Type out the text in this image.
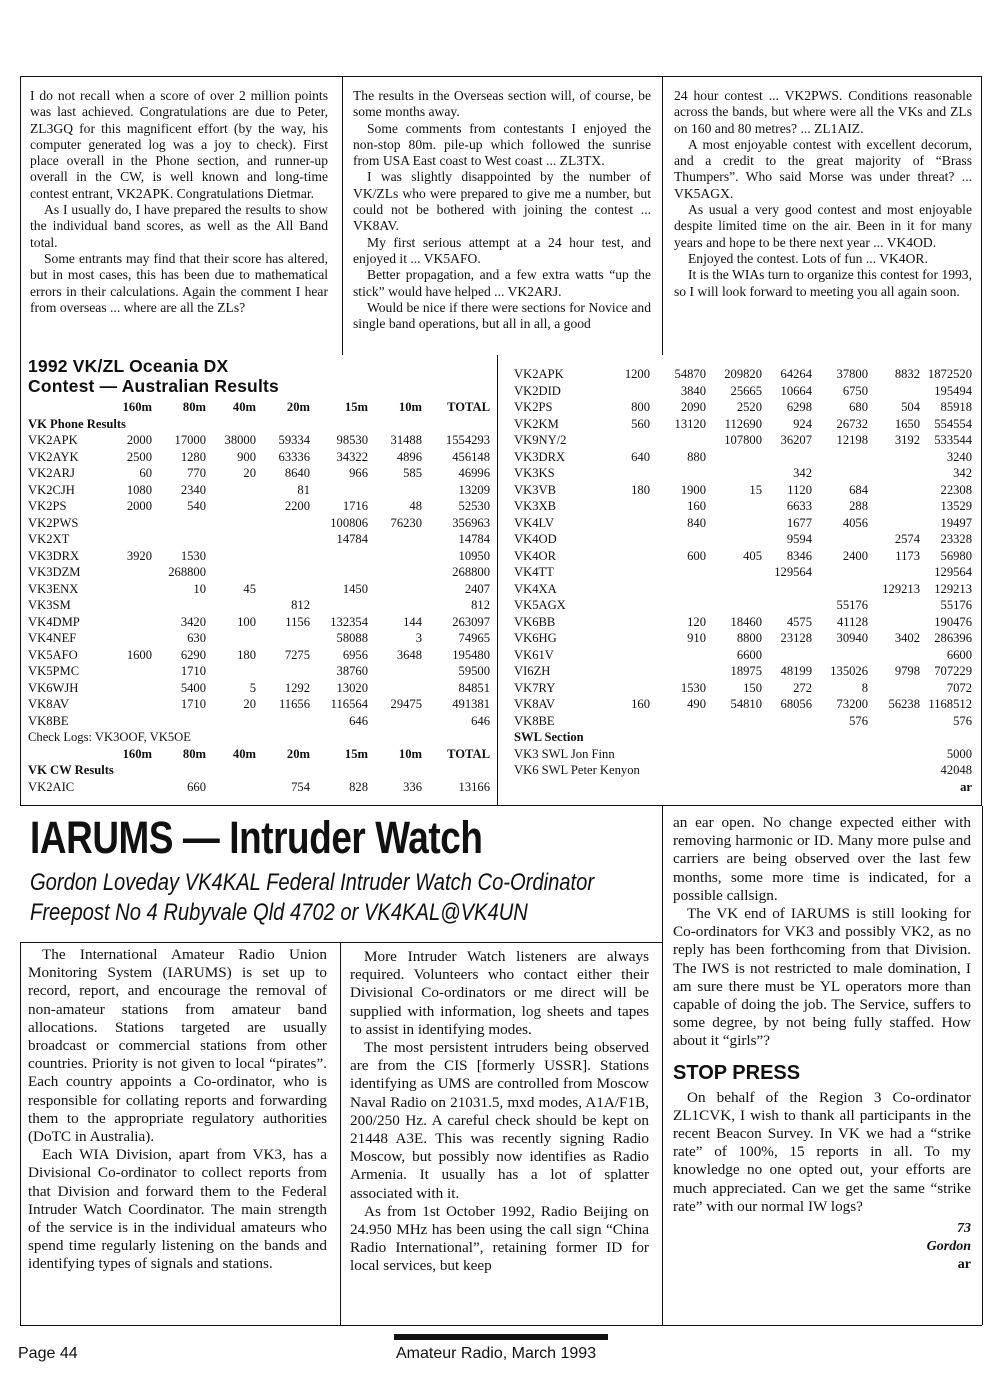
I do not recall when a score of over 2 million points was last achieved. Congratulations are due to Peter, ZL3GQ for this magnificent effort (by the way, his computer generated log was a joy to check). First place overall in the Phone section, and runner-up overall in the CW, is well known and long-time contest entrant, VK2APK. Congratulations Dietmar.

As I usually do, I have prepared the results to show the individual band scores, as well as the All Band total.

Some entrants may find that their score has altered, but in most cases, this has been due to mathematical errors in their calculations. Again the comment I hear from overseas ... where are all the ZLs?

The results in the Overseas section will, of course, be some months away.

Some comments from contestants I enjoyed the non-stop 80m. pile-up which followed the sunrise from USA East coast to West coast ... ZL3TX.

I was slightly disappointed by the number of VK/ZLs who were prepared to give me a number, but could not be bothered with joining the contest ... VK8AV.

My first serious attempt at a 24 hour test, and enjoyed it ... VK5AFO.

Better propagation, and a few extra watts “up the stick” would have helped ... VK2ARJ.

Would be nice if there were sections for Novice and single band operations, but all in all, a good

24 hour contest ... VK2PWS. Conditions reasonable across the bands, but where were all the VKs and ZLs on 160 and 80 metres? ... ZL1AIZ.

A most enjoyable contest with excellent decorum, and a credit to the great majority of “Brass Thumpers”. Who said Morse was under threat? ... VK5AGX.

As usual a very good contest and most enjoyable despite limited time on the air. Been in it for many years and hope to be there next year ... VK4OD.

Enjoyed the contest. Lots of fun ... VK4OR.

It is the WIAs turn to organize this contest for 1993, so I will look forward to meeting you all again soon.

1992 VK/ZL Oceania DX
Contest — Australian Results
	160m	80m	40m	20m	15m	10m	TOTAL
VK Phone Results							
VK2APK	2000	17000	38000	59334	98530	31488	1554293
VK2AYK	2500	1280	900	63336	34322	4896	456148
VK2ARJ	60	770	20	8640	966	585	46996
VK2CJH	1080	2340		81			13209
VK2PS	2000	540		2200	1716	48	52530
VK2PWS					100806	76230	356963
VK2XT					14784		14784
VK3DRX	3920	1530					10950
VK3DZM		268800					268800
VK3ENX		10	45		1450		2407
VK3SM				812			812
VK4DMP		3420	100	1156	132354	144	263097
VK4NEF		630			58088	3	74965
VK5AFO	1600	6290	180	7275	6956	3648	195480
VK5PMC		1710			38760		59500
VK6WJH		5400	5	1292	13020		84851
VK8AV		1710	20	11656	116564	29475	491381
VK8BE					646		646
Check Logs: VK3OOF, VK5OE							
	160m	80m	40m	20m	15m	10m	TOTAL
VK CW Results							
VK2AIC		660		754	828	336	13166
VK2APK	1200	54870	209820	64264	37800	8832	1872520
VK2DID		3840	25665	10664	6750		195494
VK2PS	800	2090	2520	6298	680	504	85918
VK2KM	560	13120	112690	924	26732	1650	554554
VK9NY/2			107800	36207	12198	3192	533544
VK3DRX	640	880					3240
VK3KS				342			342
VK3VB	180	1900	15	1120	684		22308
VK3XB		160		6633	288		13529
VK4LV		840		1677	4056		19497
VK4OD				9594		2574	23328
VK4OR		600	405	8346	2400	1173	56980
VK4TT				129564			129564
VK4XA						129213	129213
VK5AGX					55176		55176
VK6BB		120	18460	4575	41128		190476
VK6HG		910	8800	23128	30940	3402	286396
VK61V			6600				6600
VI6ZH			18975	48199	135026	9798	707229
VK7RY		1530	150	272	8		7072
VK8AV	160	490	54810	68056	73200	56238	1168512
VK8BE					576		576
SWL Section							
VK3 SWL Jon Finn							5000
VK6 SWL Peter Kenyon							42048
ar							
IARUMS — Intruder Watch
Gordon Loveday VK4KAL Federal Intruder Watch Co-Ordinator
Freepost No 4 Rubyvale Qld 4702 or VK4KAL@VK4UN

The International Amateur Radio Union Monitoring System (IARUMS) is set up to record, report, and encourage the removal of non-amateur stations from amateur band allocations. Stations targeted are usually broadcast or commercial stations from other countries. Priority is not given to local “pirates”. Each country appoints a Co-ordinator, who is responsible for collating reports and forwarding them to the appropriate regulatory authorities (DoTC in Australia).

Each WIA Division, apart from VK3, has a Divisional Co-ordinator to collect reports from that Division and forward them to the Federal Intruder Watch Coordinator. The main strength of the service is in the individual amateurs who spend time regularly listening on the bands and identifying types of signals and stations.

More Intruder Watch listeners are always required. Volunteers who contact either their Divisional Co-ordinators or me direct will be supplied with information, log sheets and tapes to assist in identifying modes.

The most persistent intruders being observed are from the CIS [formerly USSR]. Stations identifying as UMS are controlled from Moscow Naval Radio on 21031.5, mxd modes, A1A/F1B, 200/250 Hz. A careful check should be kept on 21448 A3E. This was recently signing Radio Moscow, but possibly now identifies as Radio Armenia. It usually has a lot of splatter associated with it.

As from 1st October 1992, Radio Beijing on 24.950 MHz has been using the call sign “China Radio International”, retaining former ID for local services, but keep

an ear open. No change expected either with removing harmonic or ID. Many more pulse and carriers are being observed over the last few months, some more time is indicated, for a possible callsign.

The VK end of IARUMS is still looking for Co-ordinators for VK3 and possibly VK2, as no reply has been forthcoming from that Division. The IWS is not restricted to male domination, I am sure there must be YL operators more than capable of doing the job. The Service, suffers to some degree, by not being fully staffed. How about it “girls”?

STOP PRESS

On behalf of the Region 3 Co-ordinator ZL1CVK, I wish to thank all participants in the recent Beacon Survey. In VK we had a “strike rate” of 100%, 15 reports in all. To my knowledge no one opted out, your efforts are much appreciated. Can we get the same “strike rate” with our normal IW logs?

73
Gordon
ar
Page 44	Amateur Radio, March 1993
